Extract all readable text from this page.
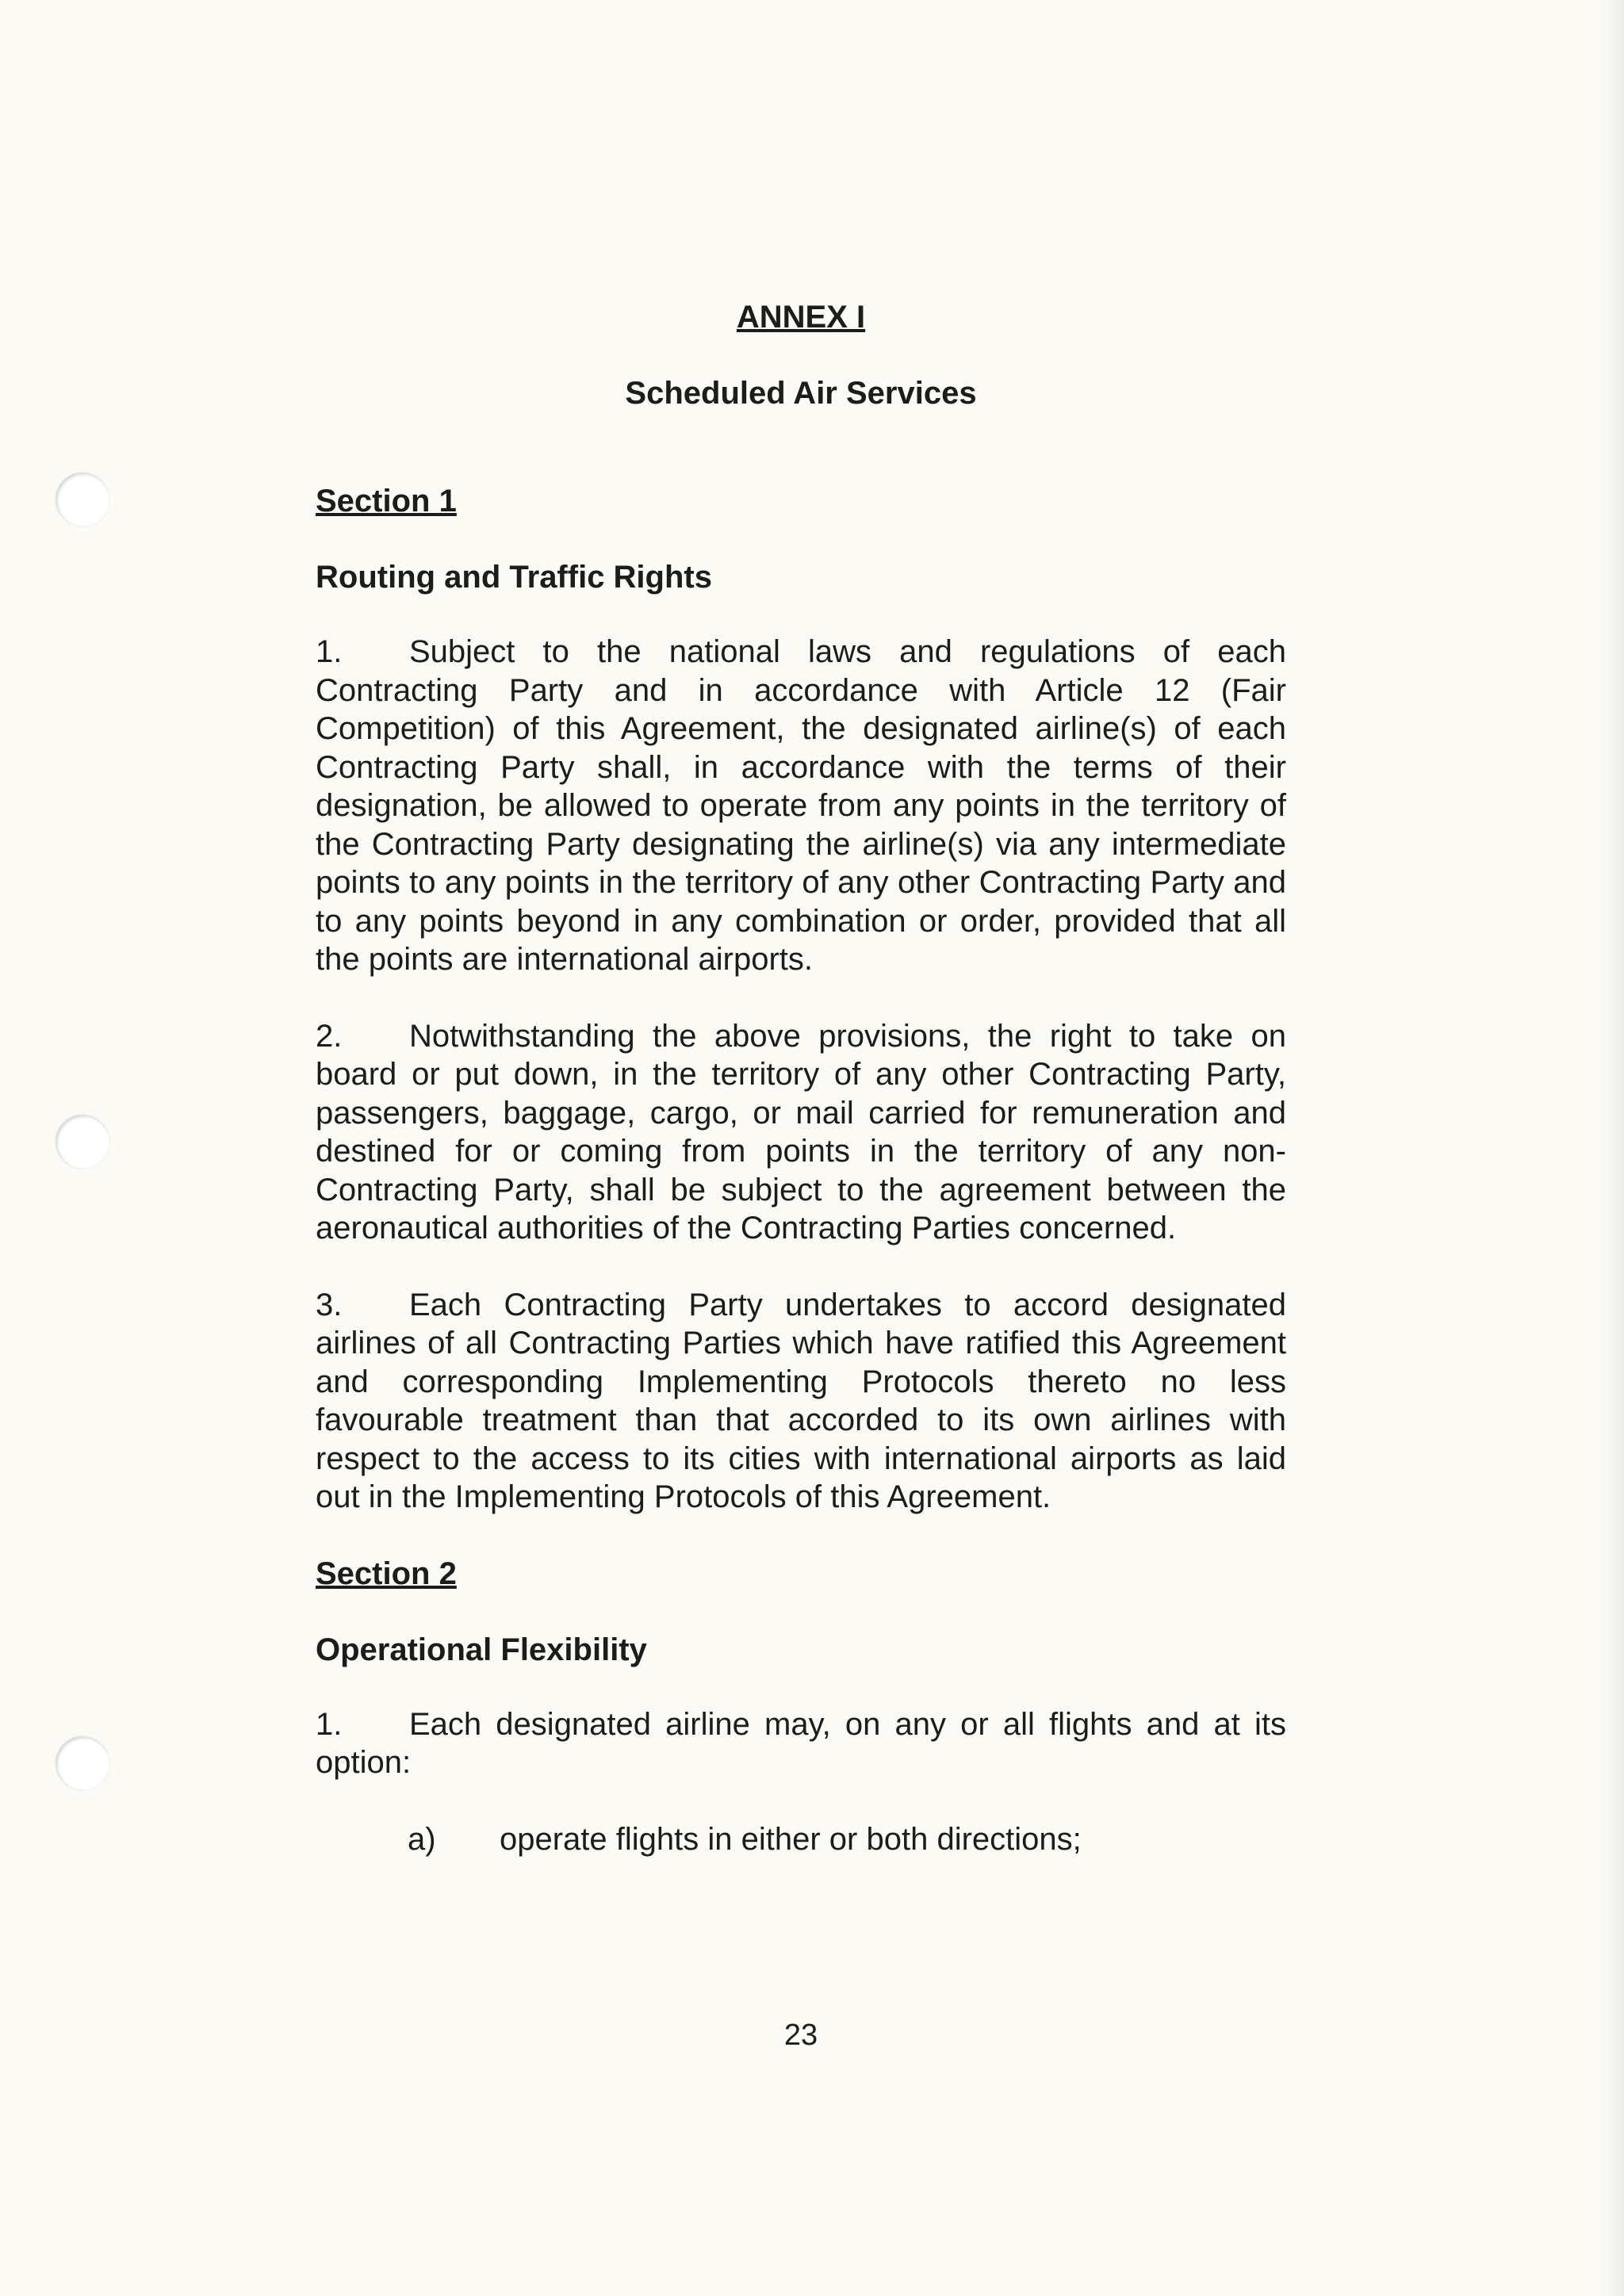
ANNEX I
Scheduled Air Services
Section 1
Routing and Traffic Rights

1. Subject to the national laws and regulations of each Contracting Party and in accordance with Article 12 (Fair Competition) of this Agreement, the designated airline(s) of each Contracting Party shall, in accordance with the terms of their designation, be allowed to operate from any points in the territory of the Contracting Party designating the airline(s) via any intermediate points to any points in the territory of any other Contracting Party and to any points beyond in any combination or order, provided that all the points are international airports.

2. Notwithstanding the above provisions, the right to take on board or put down, in the territory of any other Contracting Party, passengers, baggage, cargo, or mail carried for remuneration and destined for or coming from points in the territory of any non-Contracting Party, shall be subject to the agreement between the aeronautical authorities of the Contracting Parties concerned.

3. Each Contracting Party undertakes to accord designated airlines of all Contracting Parties which have ratified this Agreement and corresponding Implementing Protocols thereto no less favourable treatment than that accorded to its own airlines with respect to the access to its cities with international airports as laid out in the Implementing Protocols of this Agreement.

Section 2
Operational Flexibility

1. Each designated airline may, on any or all flights and at its option:

a)	operate flights in either or both directions;
23
